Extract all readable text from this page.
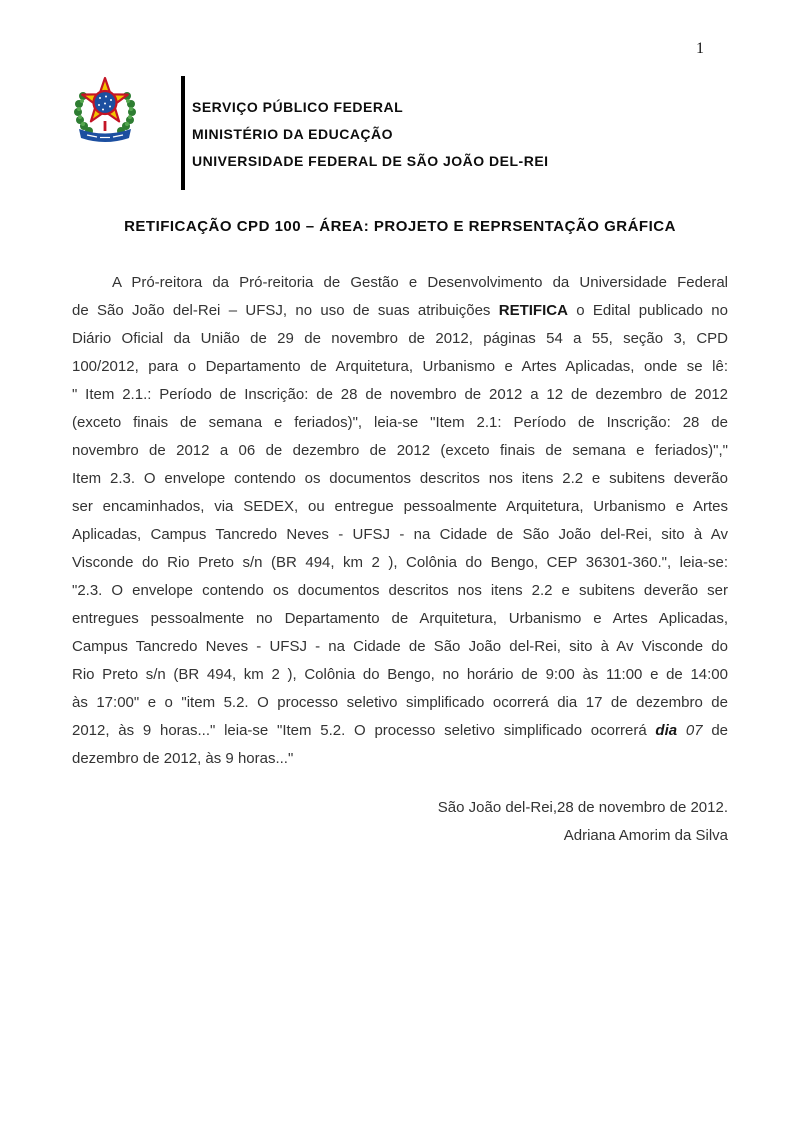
1
SERVIÇO PÚBLICO FEDERAL
MINISTÉRIO DA EDUCAÇÃO
UNIVERSIDADE FEDERAL DE SÃO JOÃO DEL-REI
RETIFICAÇÃO CPD 100 – ÁREA: PROJETO E REPRSENTAÇÃO GRÁFICA
A Pró-reitora da Pró-reitoria de Gestão e Desenvolvimento da Universidade Federal
de São João del-Rei – UFSJ, no uso de suas atribuições RETIFICA o Edital publicado no
Diário Oficial da União de 29 de novembro de 2012, páginas 54 a 55, seção 3, CPD
100/2012, para o Departamento de Arquitetura, Urbanismo e Artes Aplicadas, onde se lê:
" Item 2.1.: Período de Inscrição: de 28 de novembro de 2012 a 12 de dezembro de 2012
(exceto finais de semana e feriados)", leia-se "Item 2.1: Período de Inscrição: 28 de
novembro de 2012 a 06 de dezembro de 2012 (exceto finais de semana e feriados)","
Item 2.3. O envelope contendo os documentos descritos nos itens 2.2 e subitens deverão
ser encaminhados, via SEDEX, ou entregue pessoalmente Arquitetura, Urbanismo e Artes
Aplicadas, Campus Tancredo Neves - UFSJ - na Cidade de São João del-Rei, sito à Av
Visconde do Rio Preto s/n (BR 494, km 2 ), Colônia do Bengo, CEP 36301-360.", leia-se:
"2.3. O envelope contendo os documentos descritos nos itens 2.2 e subitens deverão ser
entregues pessoalmente no Departamento de Arquitetura, Urbanismo e Artes Aplicadas,
Campus Tancredo Neves - UFSJ - na Cidade de São João del-Rei, sito à Av Visconde do
Rio Preto s/n (BR 494, km 2 ), Colônia do Bengo, no horário de 9:00 às 11:00 e de 14:00
às 17:00" e o "item 5.2. O processo seletivo simplificado ocorrerá dia 17 de dezembro de
2012, às 9 horas..." leia-se "Item 5.2. O processo seletivo simplificado ocorrerá dia 07 de
dezembro de 2012, às 9 horas..."
São João del-Rei,28 de novembro de 2012.
Adriana Amorim da Silva
